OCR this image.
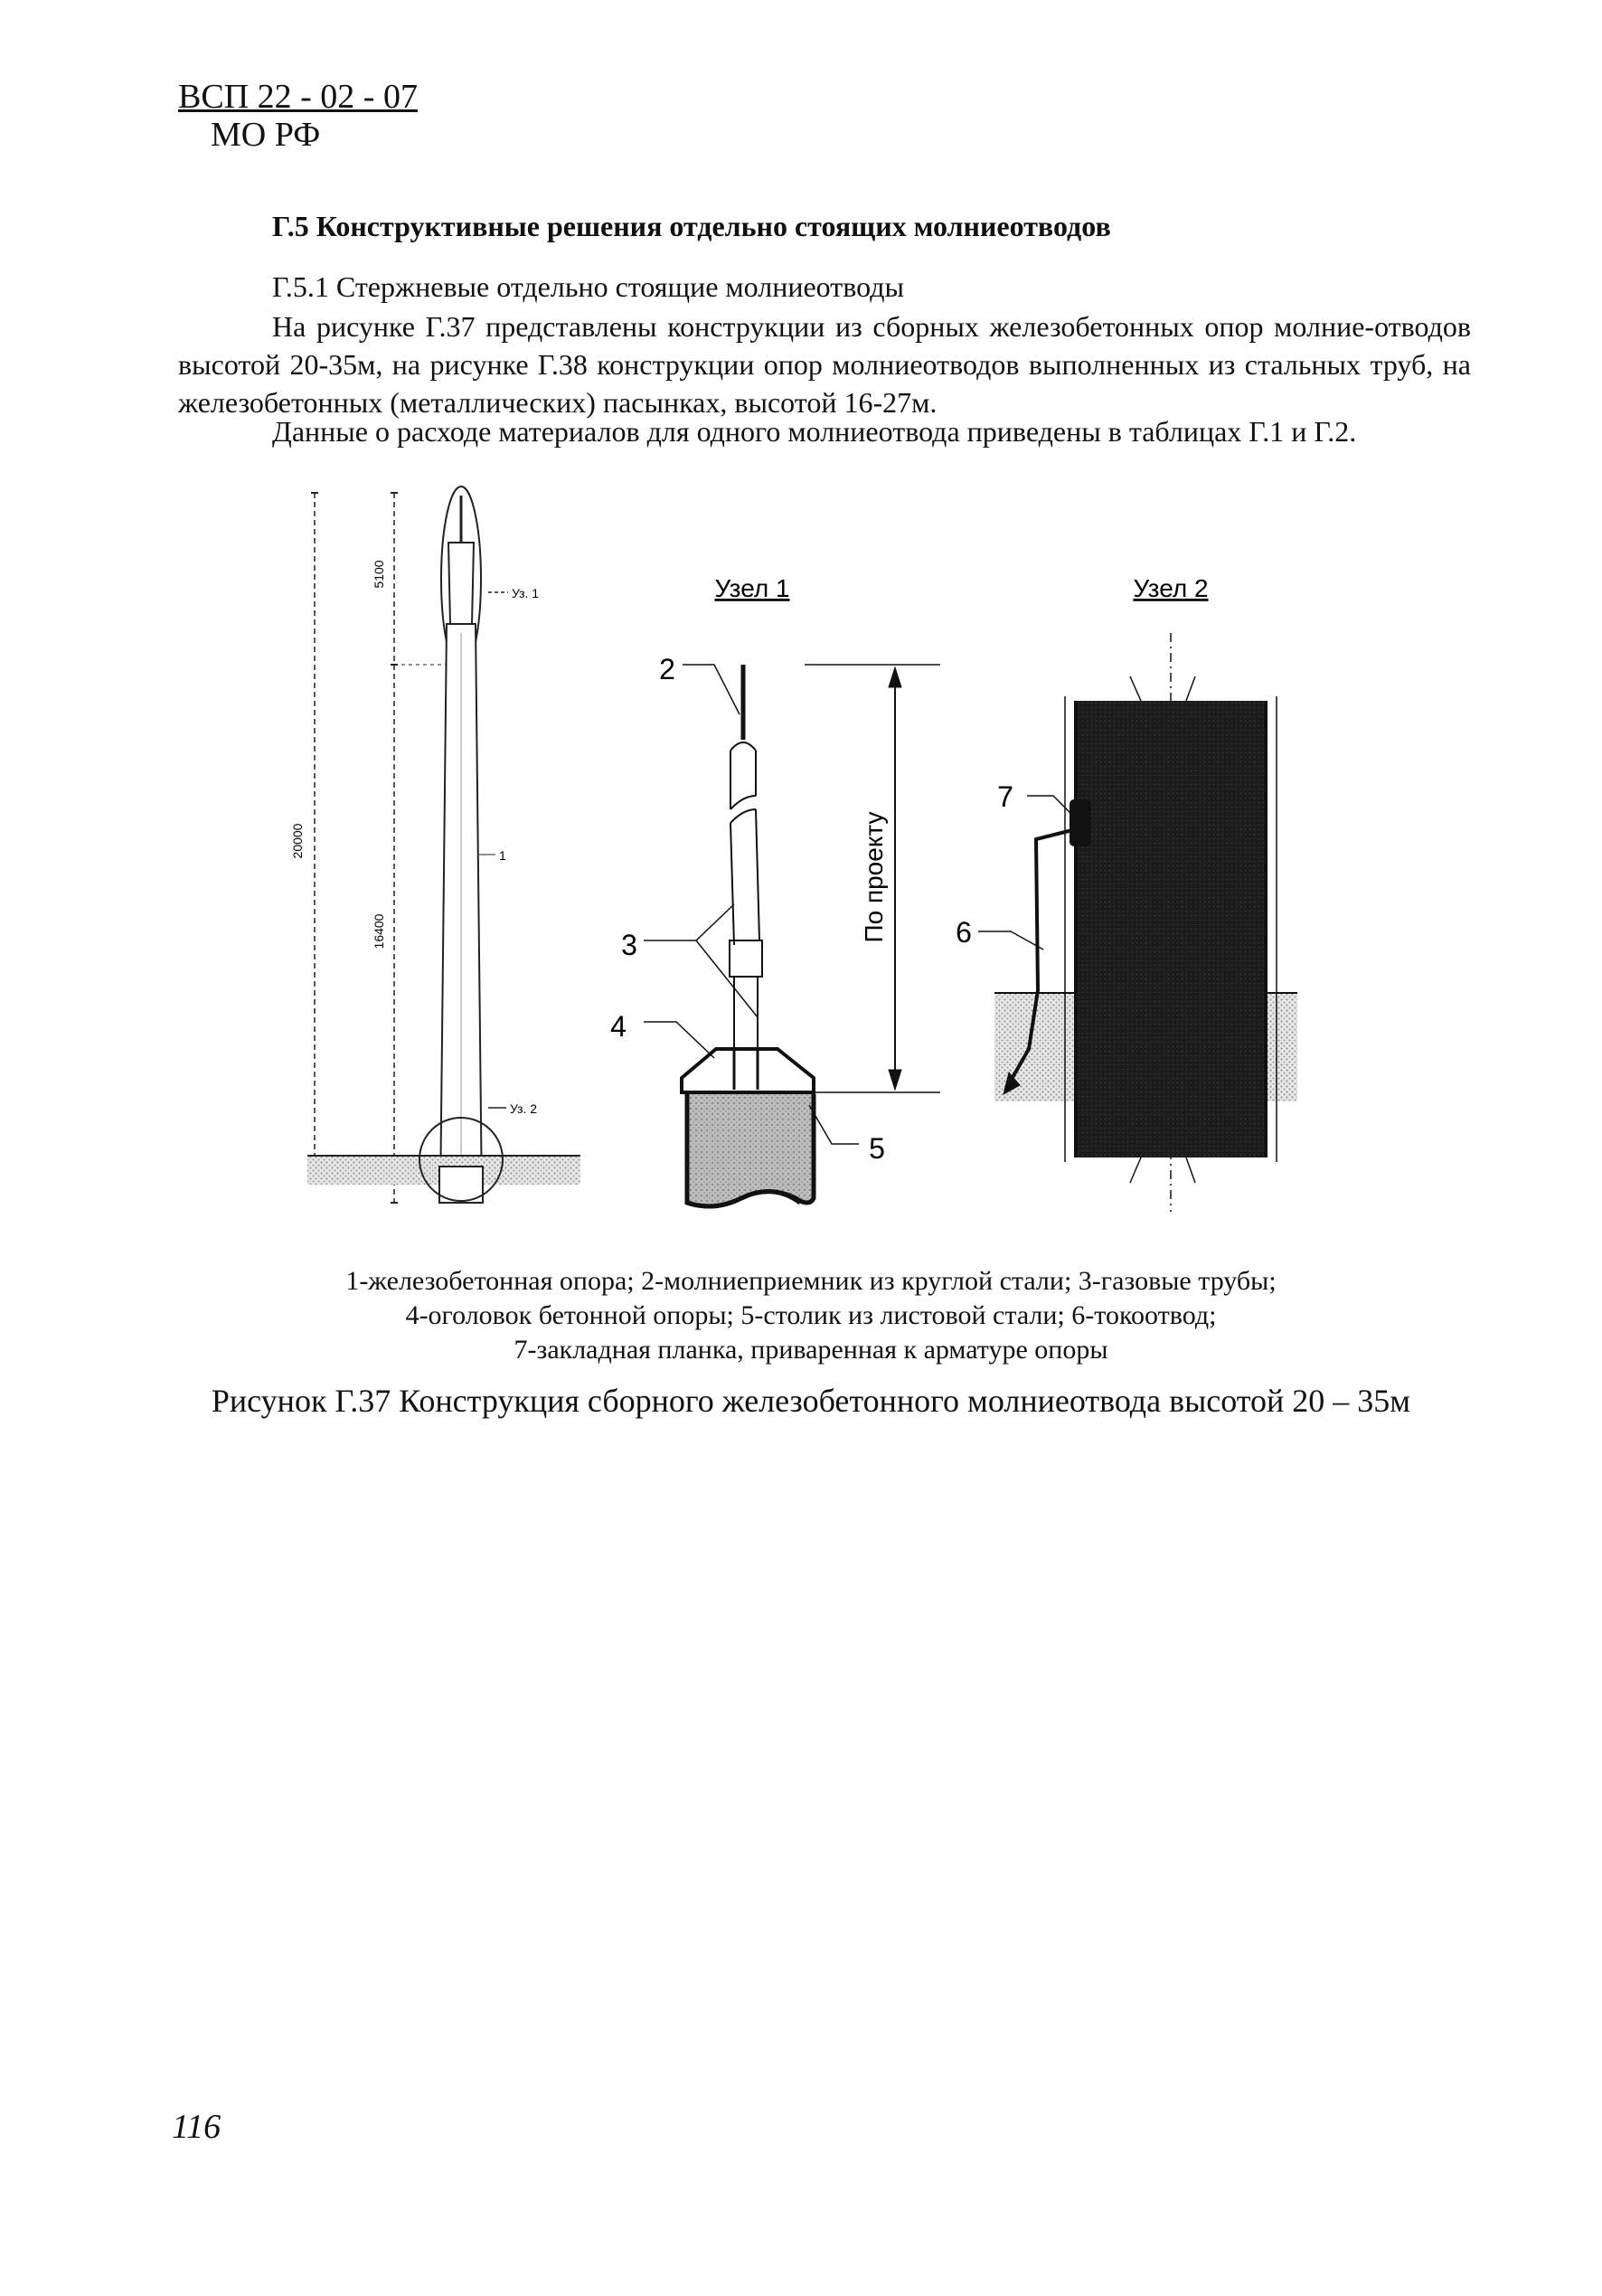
ВСП 22 - 02 - 07
МО РФ
Г.5 Конструктивные решения отдельно стоящих молниеотводов
Г.5.1 Стержневые отдельно стоящие молниеотводы
На рисунке Г.37 представлены конструкции из сборных железобетонных опор молние-отводов высотой 20-35м, на рисунке Г.38 конструкции опор молниеотводов выполненных из стальных труб, на железобетонных (металлических) пасынках, высотой 16-27м.
Данные о расходе материалов для одного молниеотвода приведены в таблицах Г.1 и Г.2.
20000
5100
16400
Уз. 1
Уз. 2
1
Узел 1
2
3
4
5
По проекту
Узел 2
7
6
1-железобетонная опора; 2-молниеприемник из круглой стали; 3-газовые трубы;
4-оголовок бетонной опоры; 5-столик из листовой стали; 6-токоотвод;
7-закладная планка, приваренная к арматуре опоры
Рисунок Г.37 Конструкция сборного железобетонного молниеотвода высотой 20 – 35м
116
